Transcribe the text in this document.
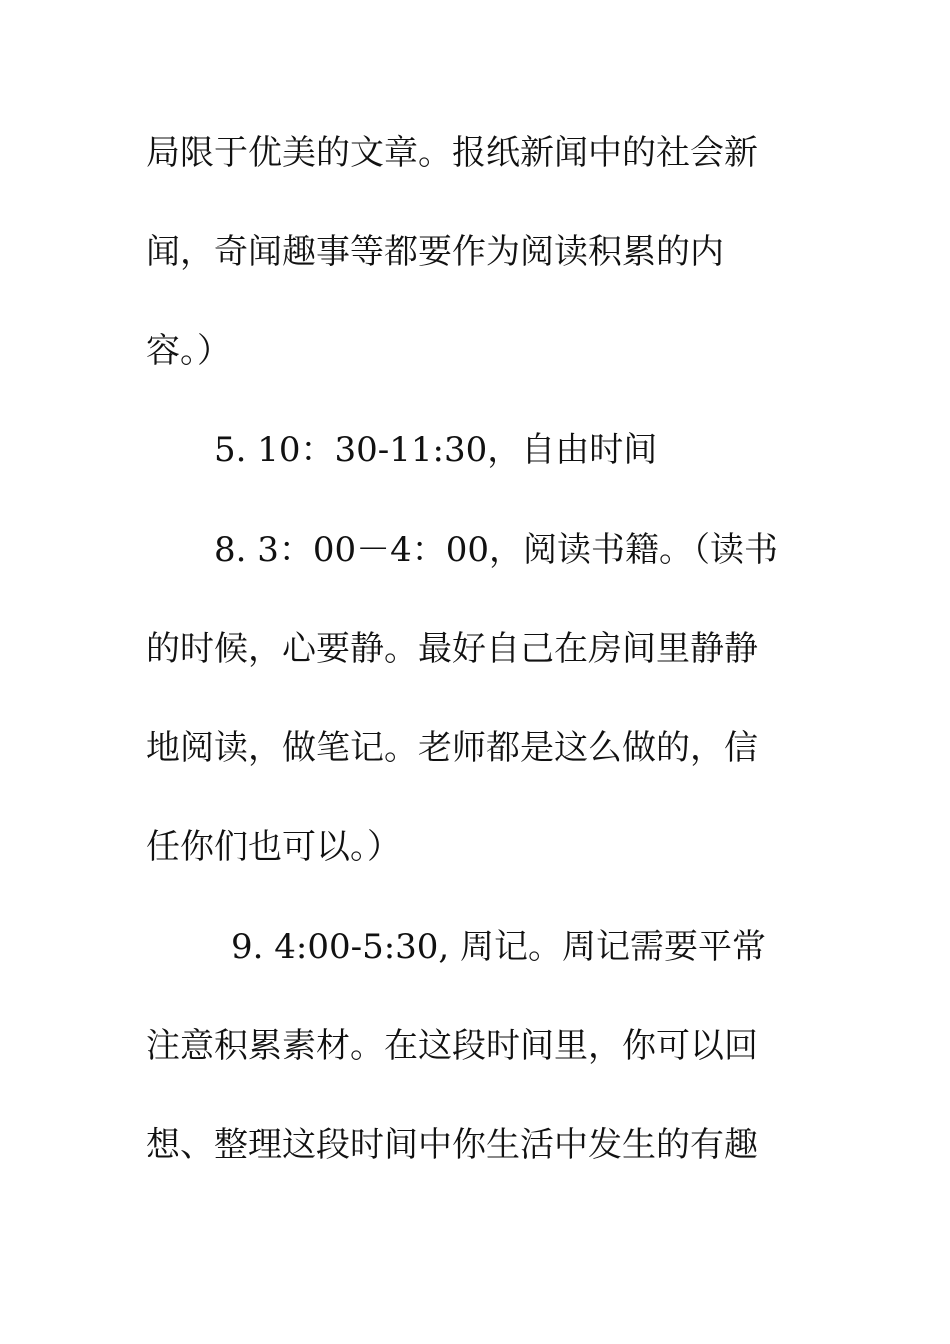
局限于优美的文章。报纸新闻中的社会新
闻，奇闻趣事等都要作为阅读积累的内
容。）
5. 10：30-11:30，自由时间
8. 3：00－4：00，阅读书籍。（读书
的时候，心要静。最好自己在房间里静静
地阅读，做笔记。老师都是这么做的，信
任你们也可以。）
9. 4:00-5:30, 周记。周记需要平常
注意积累素材。在这段时间里，你可以回
想、整理这段时间中你生活中发生的有趣
